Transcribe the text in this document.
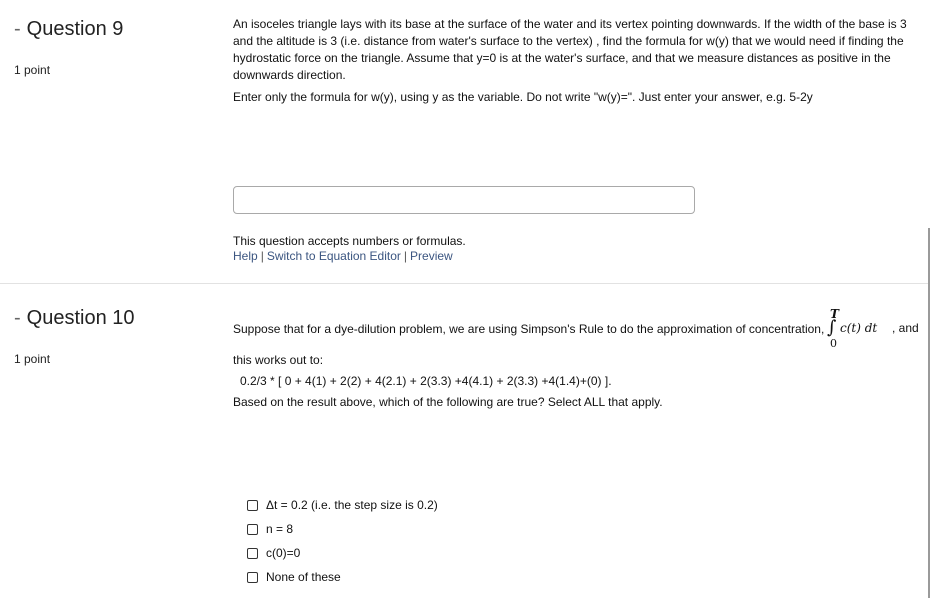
- Question 9
1 point
An isoceles triangle lays with its base at the surface of the water and its vertex pointing downwards. If the width of the base is 3
and the altitude is 3 (i.e. distance from water's surface to the vertex) , find the formula for w(y) that we would need if finding the
hydrostatic force on the triangle. Assume that y=0 is at the water's surface, and that we measure distances as positive in the
downwards direction.
Enter only the formula for w(y), using y as the variable. Do not write "w(y)=". Just enter your answer, e.g. 5-2y
This question accepts numbers or formulas.
Help | Switch to Equation Editor | Preview
- Question 10
1 point
Suppose that for a dye-dilution problem, we are using Simpson's Rule to do the approximation of concentration,
T
∫
0
c(t) dt , and
this works out to:
0.2/3 * [ 0 + 4(1) + 2(2) + 4(2.1) + 2(3.3) +4(4.1) + 2(3.3) +4(1.4)+(0) ].
Based on the result above, which of the following are true? Select ALL that apply.
Δt = 0.2 (i.e. the step size is 0.2)
n = 8
c(0)=0
None of these
